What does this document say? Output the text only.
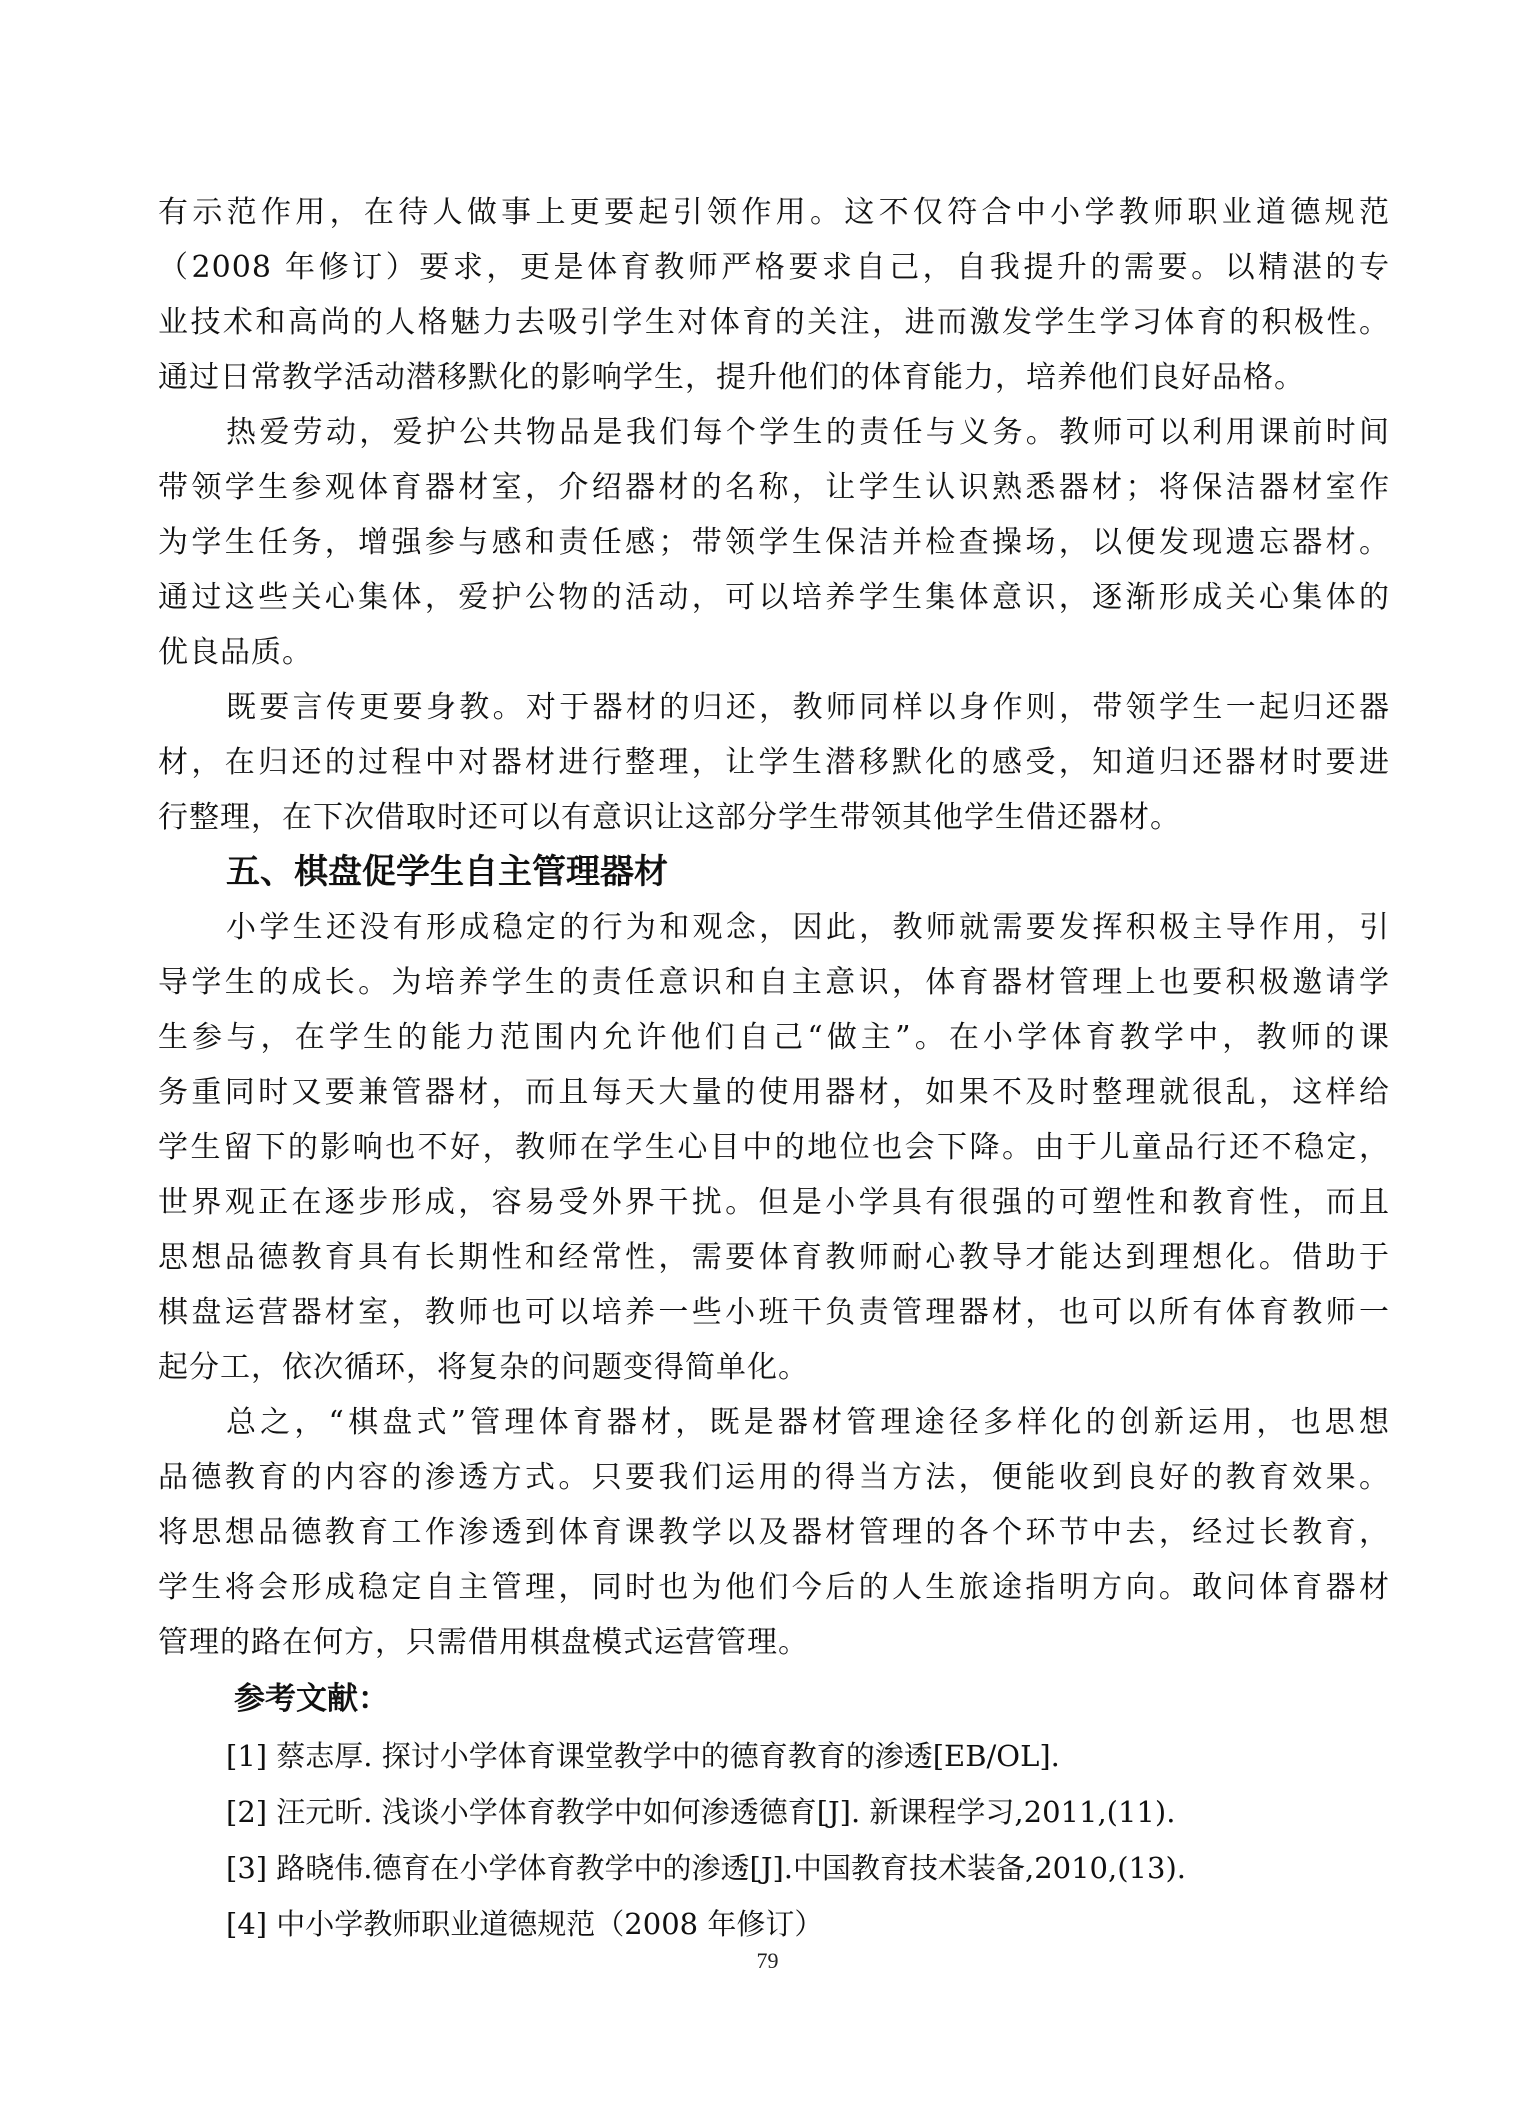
有示范作用，在待人做事上更要起引领作用。这不仅符合中小学教师职业道德规范
（2008 年修订）要求，更是体育教师严格要求自己，自我提升的需要。以精湛的专
业技术和高尚的人格魅力去吸引学生对体育的关注，进而激发学生学习体育的积极性。
通过日常教学活动潜移默化的影响学生，提升他们的体育能力，培养他们良好品格。
热爱劳动，爱护公共物品是我们每个学生的责任与义务。教师可以利用课前时间
带领学生参观体育器材室，介绍器材的名称，让学生认识熟悉器材；将保洁器材室作
为学生任务，增强参与感和责任感；带领学生保洁并检查操场，以便发现遗忘器材。
通过这些关心集体，爱护公物的活动，可以培养学生集体意识，逐渐形成关心集体的
优良品质。
既要言传更要身教。对于器材的归还，教师同样以身作则，带领学生一起归还器
材，在归还的过程中对器材进行整理，让学生潜移默化的感受，知道归还器材时要进
行整理，在下次借取时还可以有意识让这部分学生带领其他学生借还器材。
五、棋盘促学生自主管理器材
小学生还没有形成稳定的行为和观念，因此，教师就需要发挥积极主导作用，引
导学生的成长。为培养学生的责任意识和自主意识，体育器材管理上也要积极邀请学
生参与，在学生的能力范围内允许他们自己“做主”。在小学体育教学中，教师的课
务重同时又要兼管器材，而且每天大量的使用器材，如果不及时整理就很乱，这样给
学生留下的影响也不好，教师在学生心目中的地位也会下降。由于儿童品行还不稳定，
世界观正在逐步形成，容易受外界干扰。但是小学具有很强的可塑性和教育性，而且
思想品德教育具有长期性和经常性，需要体育教师耐心教导才能达到理想化。借助于
棋盘运营器材室，教师也可以培养一些小班干负责管理器材，也可以所有体育教师一
起分工，依次循环，将复杂的问题变得简单化。
总之，“棋盘式”管理体育器材，既是器材管理途径多样化的创新运用，也思想
品德教育的内容的渗透方式。只要我们运用的得当方法，便能收到良好的教育效果。
将思想品德教育工作渗透到体育课教学以及器材管理的各个环节中去，经过长教育，
学生将会形成稳定自主管理，同时也为他们今后的人生旅途指明方向。敢问体育器材
管理的路在何方，只需借用棋盘模式运营管理。
参考文献：
[1] 蔡志厚. 探讨小学体育课堂教学中的德育教育的渗透[EB/OL].
[2] 汪元昕. 浅谈小学体育教学中如何渗透德育[J]. 新课程学习,2011,(11).
[3] 路晓伟.德育在小学体育教学中的渗透[J].中国教育技术装备,2010,(13).
[4] 中小学教师职业道德规范（2008 年修订）
79
